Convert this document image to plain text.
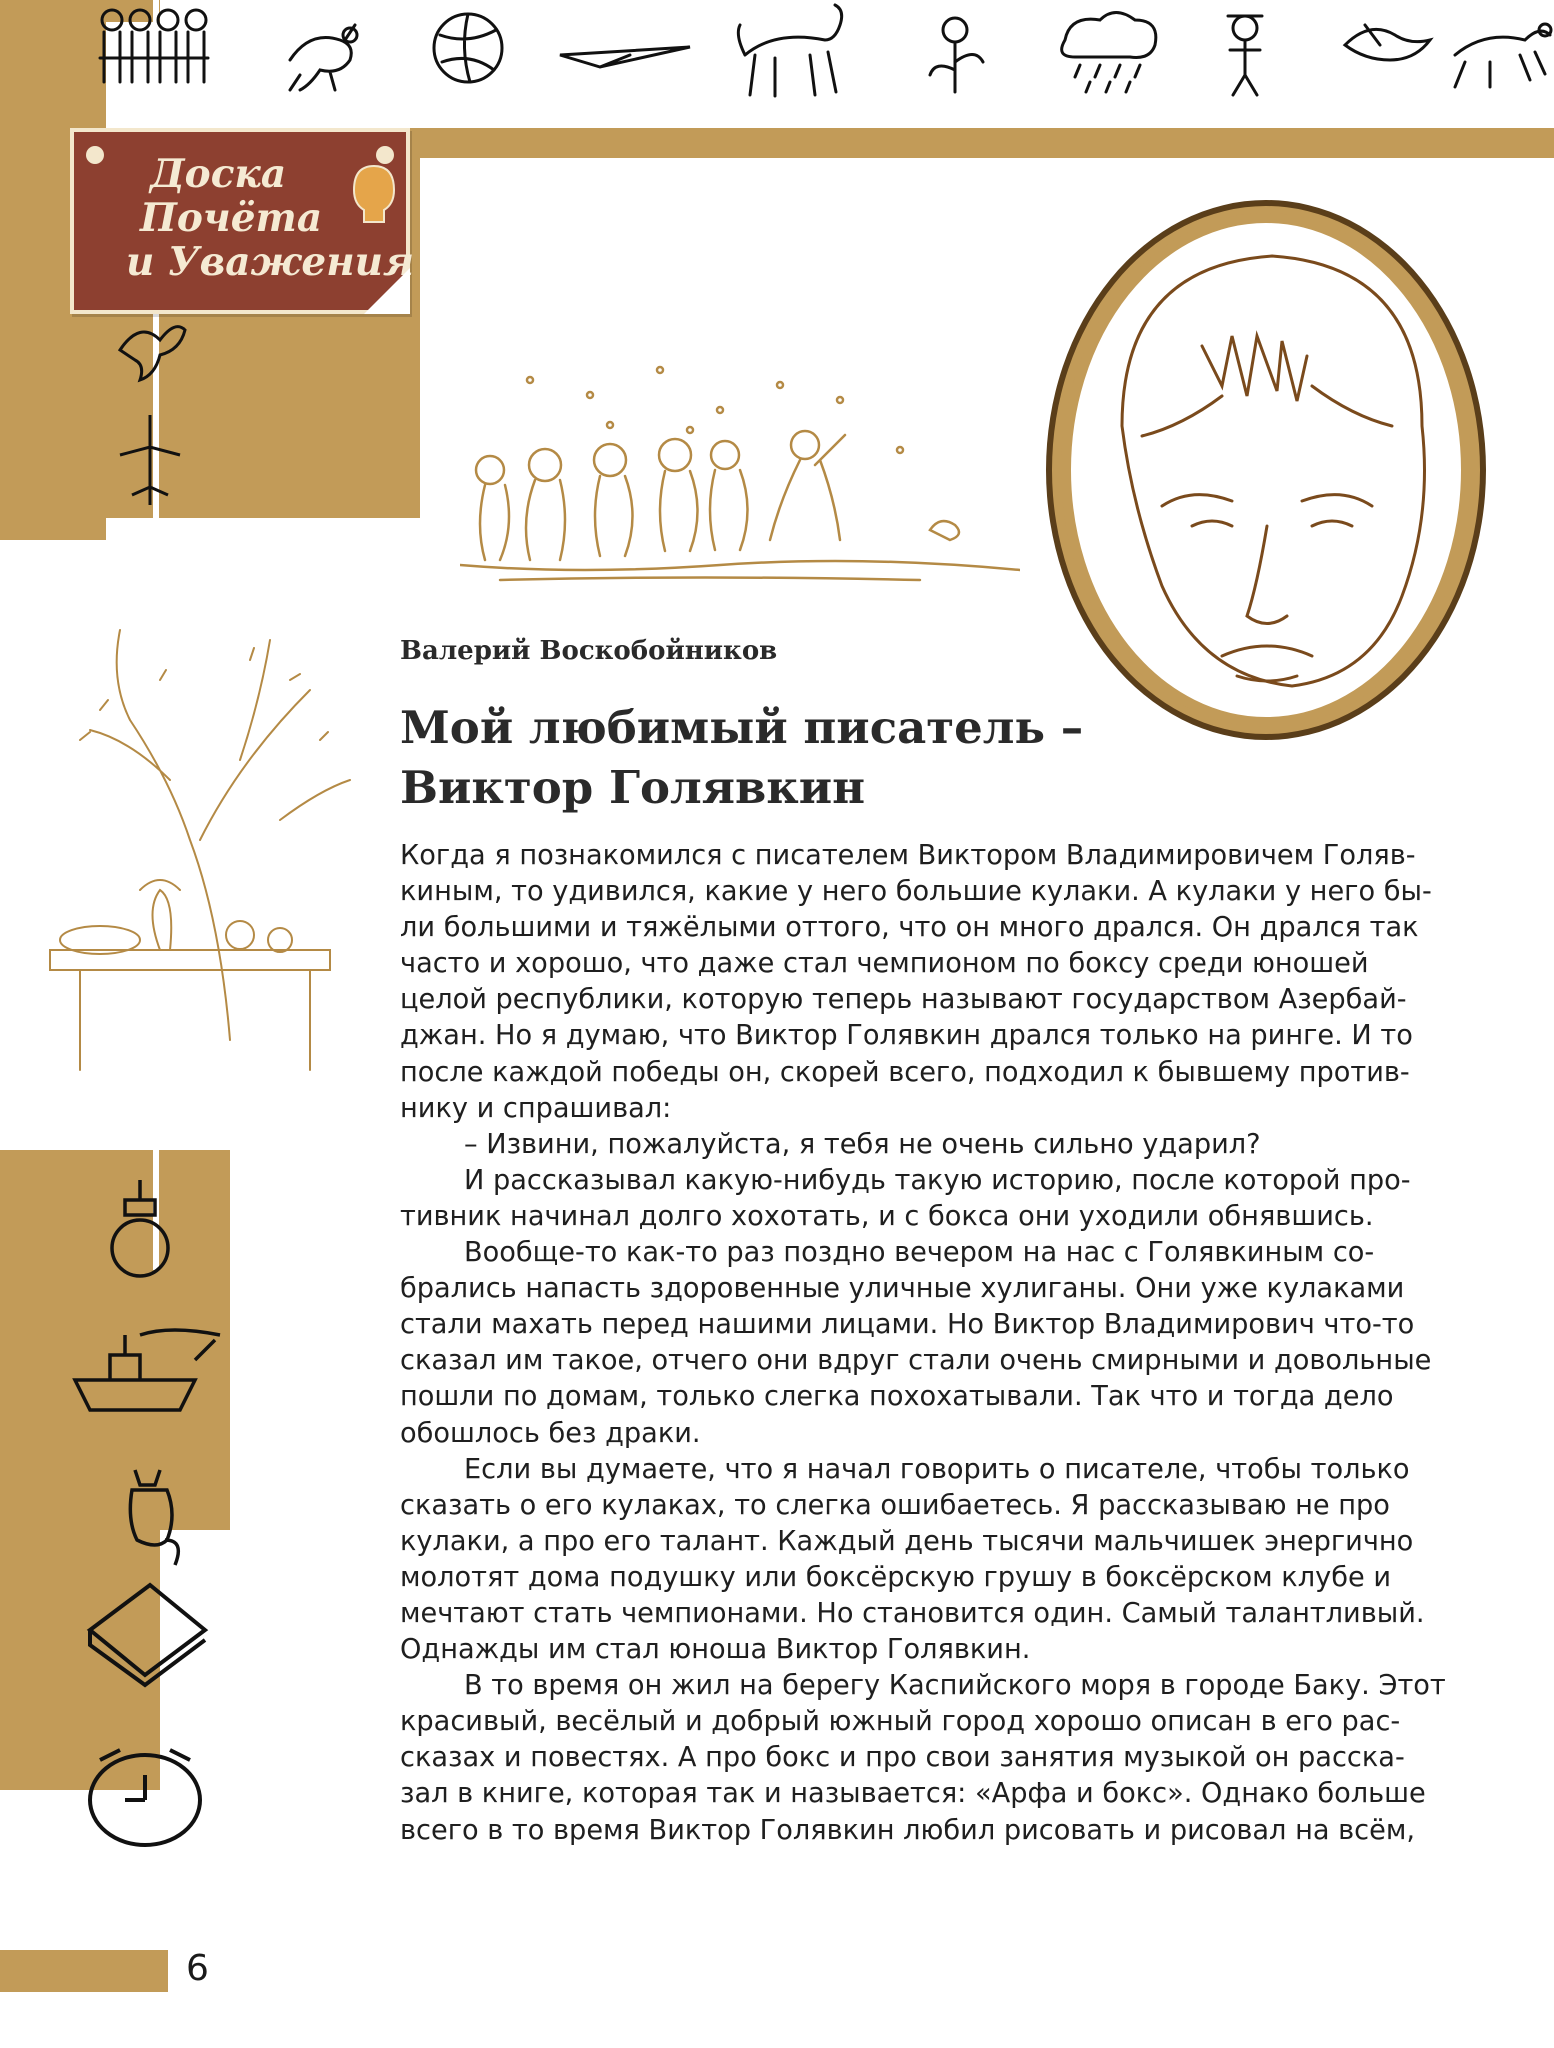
Доска
Почёта
и Уважения

Валерий Воскобойников

Мой любимый писатель –
Виктор Голявкин
Когда я познакомился с писателем Виктором Владимировичем Голяв-
киным, то удивился, какие у него большие кулаки. А кулаки у него бы-
ли большими и тяжёлыми оттого, что он много дрался. Он дрался так
часто и хорошо, что даже стал чемпионом по боксу среди юношей
целой республики, которую теперь называют государством Азербай-
джан. Но я думаю, что Виктор Голявкин дрался только на ринге. И то
после каждой победы он, скорей всего, подходил к бывшему против-
нику и спрашивал:
– Извини, пожалуйста, я тебя не очень сильно ударил?
И рассказывал какую-нибудь такую историю, после которой про-
тивник начинал долго хохотать, и с бокса они уходили обнявшись.
Вообще-то как-то раз поздно вечером на нас с Голявкиным со-
брались напасть здоровенные уличные хулиганы. Они уже кулаками
стали махать перед нашими лицами. Но Виктор Владимирович что-то
сказал им такое, отчего они вдруг стали очень смирными и довольные
пошли по домам, только слегка похохатывали. Так что и тогда дело
обошлось без драки.
Если вы думаете, что я начал говорить о писателе, чтобы только
сказать о его кулаках, то слегка ошибаетесь. Я рассказываю не про
кулаки, а про его талант. Каждый день тысячи мальчишек энергично
молотят дома подушку или боксёрскую грушу в боксёрском клубе и
мечтают стать чемпионами. Но становится один. Самый талантливый.
Однажды им стал юноша Виктор Голявкин.
В то время он жил на берегу Каспийского моря в городе Баку. Этот
красивый, весёлый и добрый южный город хорошо описан в его рас-
сказах и повестях. А про бокс и про свои занятия музыкой он расска-
зал в книге, которая так и называется: «Арфа и бокс». Однако больше
всего в то время Виктор Голявкин любил рисовать и рисовал на всём,

6
